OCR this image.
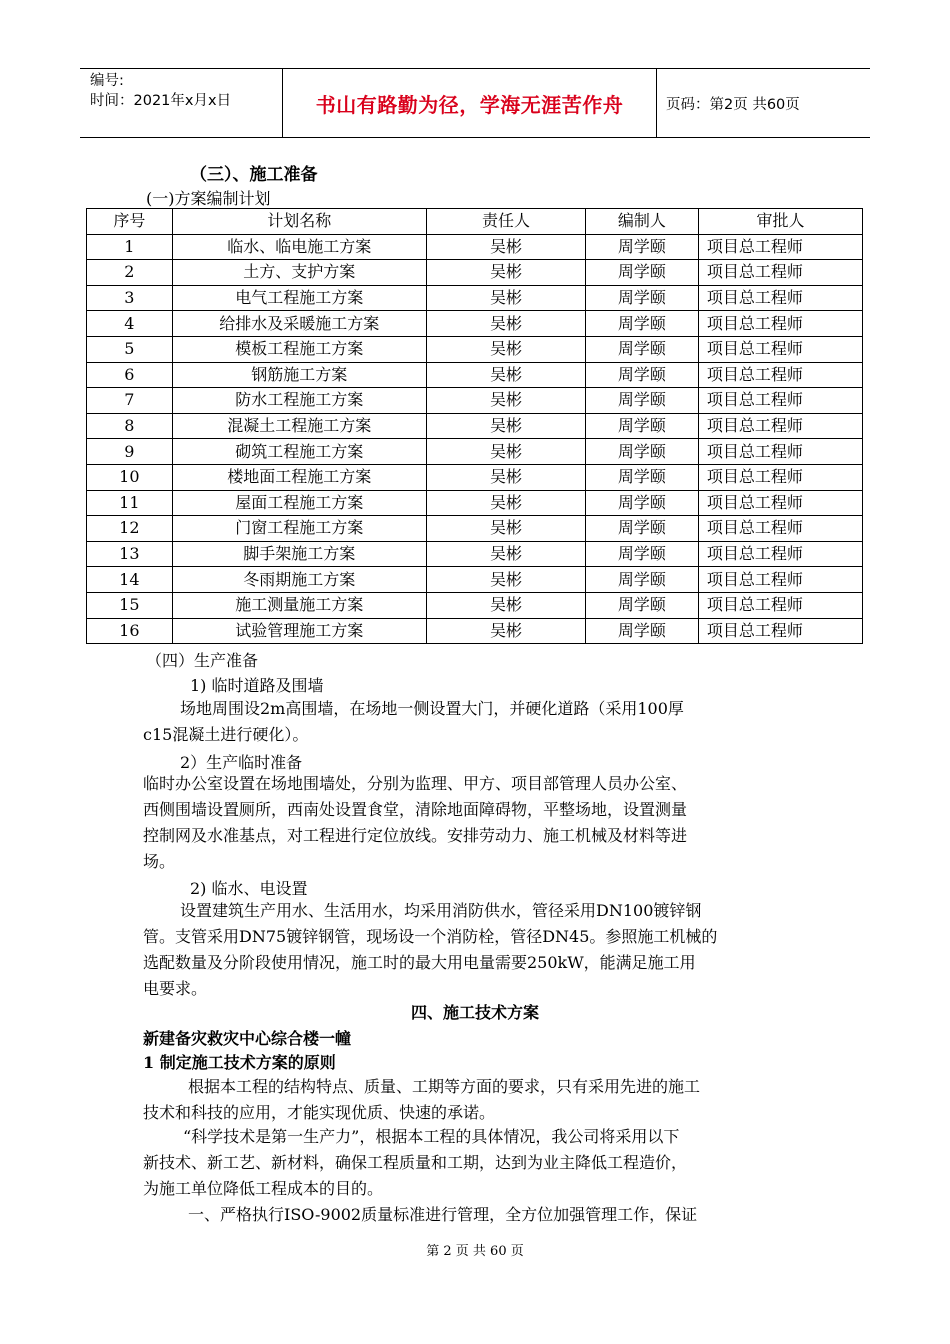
编号:
时间：2021年x月x日	书山有路勤为径，学海无涯苦作舟	页码：第2页 共60页
（三）、施工准备
(一)方案编制计划
序号	计划名称	责任人	编制人	审批人
1	临水、临电施工方案	吴彬	周学颐	项目总工程师
2	土方、支护方案	吴彬	周学颐	项目总工程师
3	电气工程施工方案	吴彬	周学颐	项目总工程师
4	给排水及采暖施工方案	吴彬	周学颐	项目总工程师
5	模板工程施工方案	吴彬	周学颐	项目总工程师
6	钢筋施工方案	吴彬	周学颐	项目总工程师
7	防水工程施工方案	吴彬	周学颐	项目总工程师
8	混凝土工程施工方案	吴彬	周学颐	项目总工程师
9	砌筑工程施工方案	吴彬	周学颐	项目总工程师
10	楼地面工程施工方案	吴彬	周学颐	项目总工程师
11	屋面工程施工方案	吴彬	周学颐	项目总工程师
12	门窗工程施工方案	吴彬	周学颐	项目总工程师
13	脚手架施工方案	吴彬	周学颐	项目总工程师
14	冬雨期施工方案	吴彬	周学颐	项目总工程师
15	施工测量施工方案	吴彬	周学颐	项目总工程师
16	试验管理施工方案	吴彬	周学颐	项目总工程师
（四）生产准备
1) 临时道路及围墙
场地周围设2m高围墙，在场地一侧设置大门，并硬化道路（采用100厚
c15混凝土进行硬化）。
2）生产临时准备
临时办公室设置在场地围墙处，分别为监理、甲方、项目部管理人员办公室、
西侧围墙设置厕所，西南处设置食堂，清除地面障碍物，平整场地，设置测量
控制网及水准基点，对工程进行定位放线。安排劳动力、施工机械及材料等进
场。
2) 临水、电设置
设置建筑生产用水、生活用水，均采用消防供水，管径采用DN100镀锌钢
管。支管采用DN75镀锌钢管，现场设一个消防栓，管径DN45。参照施工机械的
选配数量及分阶段使用情况，施工时的最大用电量需要250kW，能满足施工用
电要求。
四、施工技术方案
新建备灾救灾中心综合楼一幢
1 制定施工技术方案的原则
根据本工程的结构特点、质量、工期等方面的要求，只有采用先进的施工
技术和科技的应用，才能实现优质、快速的承诺。
“科学技术是第一生产力”，根据本工程的具体情况，我公司将采用以下
新技术、新工艺、新材料，确保工程质量和工期，达到为业主降低工程造价，
为施工单位降低工程成本的目的。
一、严格执行ISO-9002质量标准进行管理，全方位加强管理工作，保证
第 2 页 共 60 页
